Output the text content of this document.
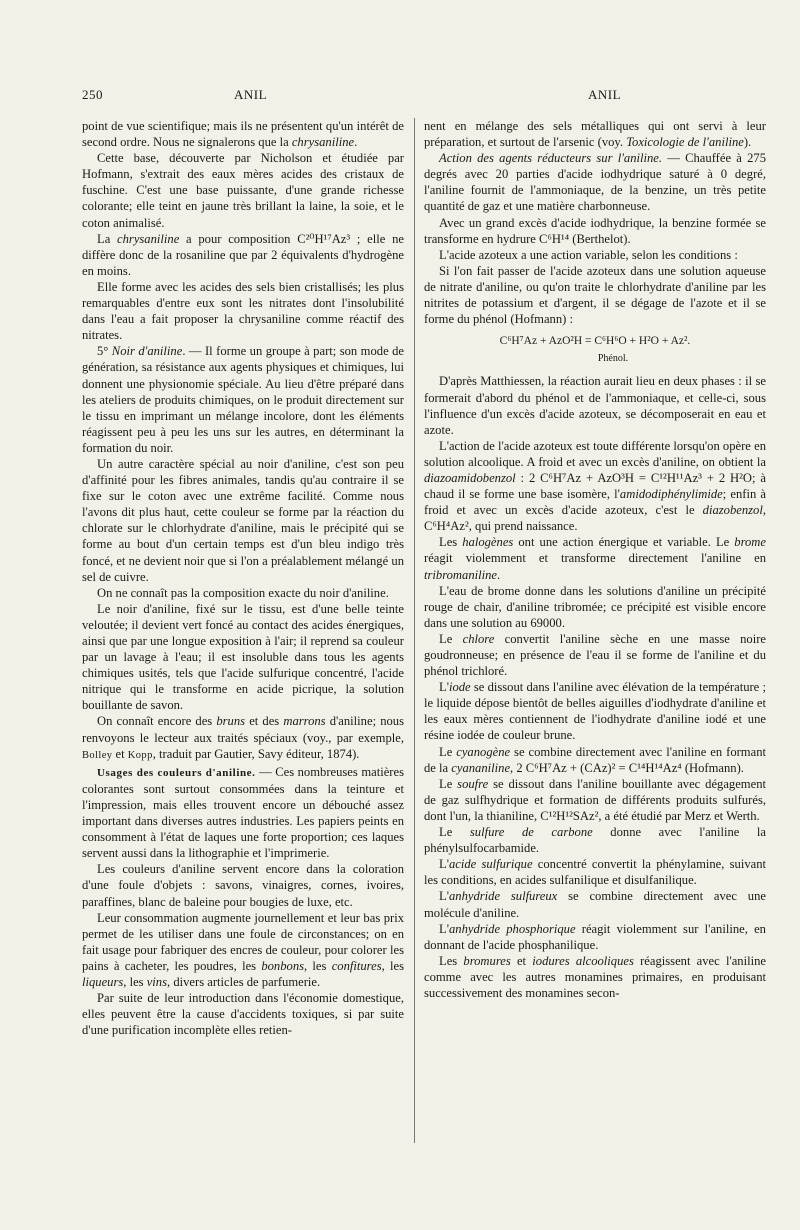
250	ANIL	ANIL

point de vue scientifique; mais ils ne présentent qu'un intérêt de second ordre. Nous ne signalerons que la chrysaniline.

Cette base, découverte par Nicholson et étudiée par Hofmann, s'extrait des eaux mères acides des cristaux de fuschine. C'est une base puissante, d'une grande richesse colorante; elle teint en jaune très brillant la laine, la soie, et le coton animalisé.

La chrysaniline a pour composition C²⁰H¹⁷Az³ ; elle ne diffère donc de la rosaniline que par 2 équivalents d'hydrogène en moins.

Elle forme avec les acides des sels bien cristallisés; les plus remarquables d'entre eux sont les nitrates dont l'insolubilité dans l'eau a fait proposer la chrysaniline comme réactif des nitrates.

5° Noir d'aniline. — Il forme un groupe à part; son mode de génération, sa résistance aux agents physiques et chimiques, lui donnent une physionomie spéciale. Au lieu d'être préparé dans les ateliers de produits chimiques, on le produit directement sur le tissu en imprimant un mélange incolore, dont les éléments réagissent peu à peu les uns sur les autres, en déterminant la formation du noir.

Un autre caractère spécial au noir d'aniline, c'est son peu d'affinité pour les fibres animales, tandis qu'au contraire il se fixe sur le coton avec une extrême facilité. Comme nous l'avons dit plus haut, cette couleur se forme par la réaction du chlorate sur le chlorhydrate d'aniline, mais le précipité qui se forme au bout d'un certain temps est d'un bleu indigo très foncé, et ne devient noir que si l'on a préalablement mélangé un sel de cuivre.

On ne connaît pas la composition exacte du noir d'aniline.

Le noir d'aniline, fixé sur le tissu, est d'une belle teinte veloutée; il devient vert foncé au contact des acides énergiques, ainsi que par une longue exposition à l'air; il reprend sa couleur par un lavage à l'eau; il est insoluble dans tous les agents chimiques usités, tels que l'acide sulfurique concentré, l'acide nitrique qui le transforme en acide picrique, la solution bouillante de savon.

On connaît encore des bruns et des marrons d'aniline; nous renvoyons le lecteur aux traités spéciaux (voy., par exemple, Bolley et Kopp, traduit par Gautier, Savy éditeur, 1874).

Usages des couleurs d'aniline. — Ces nombreuses matières colorantes sont surtout consommées dans la teinture et l'impression, mais elles trouvent encore un débouché assez important dans diverses autres industries. Les papiers peints en consomment à l'état de laques une forte proportion; ces laques servent aussi dans la lithographie et l'imprimerie.

Les couleurs d'aniline servent encore dans la coloration d'une foule d'objets : savons, vinaigres, cornes, ivoires, paraffines, blanc de baleine pour bougies de luxe, etc.

Leur consommation augmente journellement et leur bas prix permet de les utiliser dans une foule de circonstances; on en fait usage pour fabriquer des encres de couleur, pour colorer les pains à cacheter, les poudres, les bonbons, les confitures, les liqueurs, les vins, divers articles de parfumerie.

Par suite de leur introduction dans l'économie domestique, elles peuvent être la cause d'accidents toxiques, si par suite d'une purification incomplète elles retien-

nent en mélange des sels métalliques qui ont servi à leur préparation, et surtout de l'arsenic (voy. Toxicologie de l'aniline).

Action des agents réducteurs sur l'aniline. — Chauffée à 275 degrés avec 20 parties d'acide iodhydrique saturé à 0 degré, l'aniline fournit de l'ammoniaque, de la benzine, un très petite quantité de gaz et une matière charbonneuse.

Avec un grand excès d'acide iodhydrique, la benzine formée se transforme en hydrure C⁶H¹⁴ (Berthelot).

L'acide azoteux a une action variable, selon les conditions :

Si l'on fait passer de l'acide azoteux dans une solution aqueuse de nitrate d'aniline, ou qu'on traite le chlorhydrate d'aniline par les nitrites de potassium et d'argent, il se dégage de l'azote et il se forme du phénol (Hofmann) :

C⁶H⁷Az + AzO²H = C⁶H⁶O + H²O + Az².

Phénol.

D'après Matthiessen, la réaction aurait lieu en deux phases : il se formerait d'abord du phénol et de l'ammoniaque, et celle-ci, sous l'influence d'un excès d'acide azoteux, se décomposerait en eau et azote.

L'action de l'acide azoteux est toute différente lorsqu'on opère en solution alcoolique. A froid et avec un excès d'aniline, on obtient la diazoamidobenzol : 2 C⁶H⁷Az + AzO³H = C¹²H¹¹Az³ + 2 H²O; à chaud il se forme une base isomère, l'amidodiphénylimide; enfin à froid et avec un excès d'acide azoteux, c'est le diazobenzol, C⁶H⁴Az², qui prend naissance.

Les halogènes ont une action énergique et variable. Le brome réagit violemment et transforme directement l'aniline en tribromaniline.

L'eau de brome donne dans les solutions d'aniline un précipité rouge de chair, d'aniline tribromée; ce précipité est visible encore dans une solution au 69000.

Le chlore convertit l'aniline sèche en une masse noire goudronneuse; en présence de l'eau il se forme de l'aniline et du phénol trichloré.

L'iode se dissout dans l'aniline avec élévation de la température ; le liquide dépose bientôt de belles aiguilles d'iodhydrate d'aniline et les eaux mères contiennent de l'iodhydrate d'aniline iodé et une résine iodée de couleur brune.

Le cyanogène se combine directement avec l'aniline en formant de la cyananiline, 2 C⁶H⁷Az + (CAz)² = C¹⁴H¹⁴Az⁴ (Hofmann).

Le soufre se dissout dans l'aniline bouillante avec dégagement de gaz sulfhydrique et formation de différents produits sulfurés, dont l'un, la thianiline, C¹²H¹²SAz², a été étudié par Merz et Werth.

Le sulfure de carbone donne avec l'aniline la phénylsulfocarbamide.

L'acide sulfurique concentré convertit la phénylamine, suivant les conditions, en acides sulfanilique et disulfanilique.

L'anhydride sulfureux se combine directement avec une molécule d'aniline.

L'anhydride phosphorique réagit violemment sur l'aniline, en donnant de l'acide phosphanilique.

Les bromures et iodures alcooliques réagissent avec l'aniline comme avec les autres monamines primaires, en produisant successivement des monamines secon-
